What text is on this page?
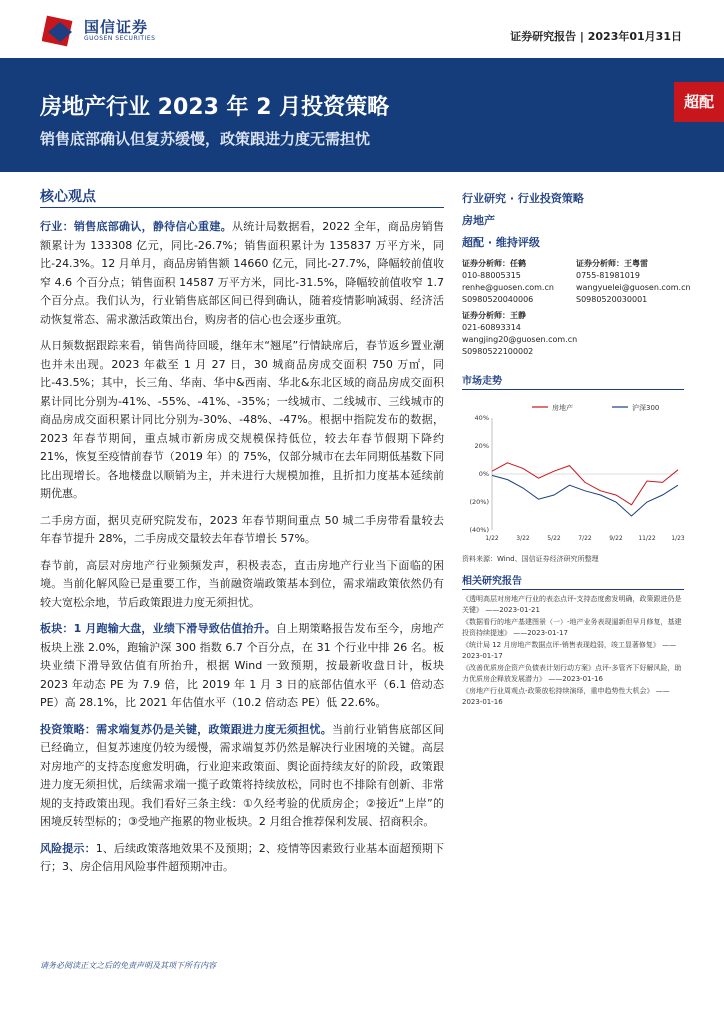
国信证券
GUOSEN SECURITIES	证券研究报告 | 2023年01月31日
房地产行业 2023 年 2 月投资策略
销售底部确认但复苏缓慢，政策跟进力度无需担忧
超配
核心观点
行业：销售底部确认，静待信心重建。从统计局数据看，2022 全年，商品房销售额累计为 133308 亿元，同比-26.7%；销售面积累计为 135837 万平方米，同比-24.3%。12 月单月，商品房销售额 14660 亿元，同比-27.7%，降幅较前值收窄 4.6 个百分点；销售面积 14587 万平方米，同比-31.5%，降幅较前值收窄 1.7 个百分点。我们认为，行业销售底部区间已得到确认，随着疫情影响减弱、经济活动恢复常态、需求激活政策出台，购房者的信心也会逐步重筑。
从日频数据跟踪来看，销售尚待回暖，继年末“翘尾”行情缺席后，春节返乡置业潮也并未出现。2023 年截至 1 月 27 日，30 城商品房成交面积 750 万㎡，同比-43.5%；其中，长三角、华南、华中&西南、华北&东北区域的商品房成交面积累计同比分别为-41%、-55%、-41%、-35%；一线城市、二线城市、三线城市的商品房成交面积累计同比分别为-30%、-48%、-47%。根据中指院发布的数据，2023 年春节期间，重点城市新房成交规模保持低位，较去年春节假期下降约 21%，恢复至疫情前春节（2019 年）的 75%，仅部分城市在去年同期低基数下同比出现增长。各地楼盘以顺销为主，并未进行大规模加推，且折扣力度基本延续前期优惠。
二手房方面，据贝克研究院发布，2023 年春节期间重点 50 城二手房带看量较去年春节提升 28%，二手房成交量较去年春节增长 57%。
春节前，高层对房地产行业频频发声，积极表态，直击房地产行业当下面临的困境。当前化解风险已是重要工作，当前融资端政策基本到位，需求端政策依然仍有较大宽松余地，节后政策跟进力度无须担忧。
板块：1 月跑输大盘，业绩下滑导致估值抬升。自上期策略报告发布至今，房地产板块上涨 2.0%，跑输沪深 300 指数 6.7 个百分点，在 31 个行业中排 26 名。板块业绩下滑导致估值有所抬升，根据 Wind 一致预期，按最新收盘日计，板块 2023 年动态 PE 为 7.9 倍，比 2019 年 1 月 3 日的底部估值水平（6.1 倍动态 PE）高 28.1%，比 2021 年估值水平（10.2 倍动态 PE）低 22.6%。
投资策略：需求端复苏仍是关键，政策跟进力度无须担忧。当前行业销售底部区间已经确立，但复苏速度仍较为缓慢，需求端复苏仍然是解决行业困境的关键。高层对房地产的支持态度愈发明确，行业迎来政策面、舆论面持续友好的阶段，政策跟进力度无须担忧，后续需求端一揽子政策将持续放松，同时也不排除有创新、非常规的支持政策出现。我们看好三条主线：①久经考验的优质房企；②接近“上岸”的困境反转型标的；③受地产拖累的物业板块。2 月组合推荐保利发展、招商积余。
风险提示：1、后续政策落地效果不及预期；2、疫情等因素致行业基本面超预期下行；3、房企信用风险事件超预期冲击。
行业研究 · 行业投资策略
房地产
超配 · 维持评级
证券分析师：任鹤
010-88005315
renhe@guosen.com.cn
S0980520040006
证券分析师：王粤雷
0755-81981019
wangyuelei@guosen.com.cn
S0980520030001
证券分析师：王静
021-60893314
wangjing20@guosen.com.cn
S0980522100002
市场走势
房地产	沪深300
40%
20%
0%
(20%)
(40%)
1/22	3/22	5/22	7/22	9/22	11/22	1/23
资料来源：Wind、国信证券经济研究所整理
相关研究报告
《透明高层对房地产行业的表态点评-支持态度愈发明确，政策跟进仍是关键》 ——2023-01-21
《数据看行的地产基建图景（一）-地产业务表现逼新但早月修复，基建投资持续提速》 ——2023-01-17
《统计局 12 月房地产数据点评-销售表现趋弱，竣工显著修复》 ——2023-01-17
《改善优质房企资产负债表计划行动方案》点评-多管齐下好解风险，助力优质房企释放发展潜力》 ——2023-01-16
《房地产行业周观点-政策放松持续演绎，重申趋势性大机会》 ——2023-01-16
请务必阅读正文之后的免责声明及其项下所有内容
